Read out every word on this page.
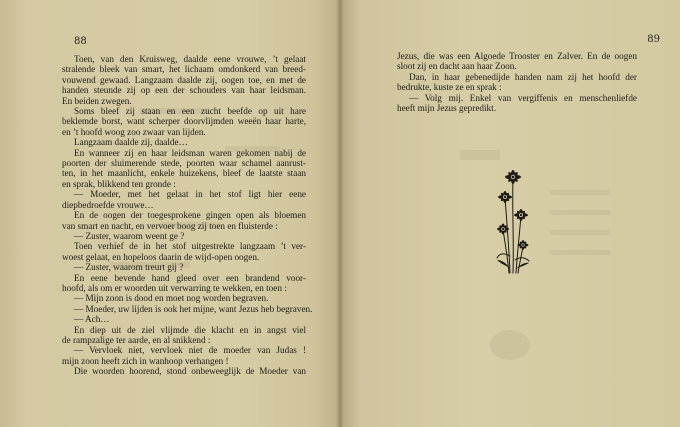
88	89
Toen, van den Kruisweg, daalde eene vrouwe, ’t gelaat
stralende bleek van smart, het lichaam omdonkerd van breed-
vouwend gewaad. Langzaam daalde zij, oogen toe, en met de
handen steunde zij op een der schouders van haar leidsman.
En beiden zwegen.
Soms bleef zij staan en een zucht beefde op uit hare
beklemde borst, want scherper doorvlijmden weeën haar harte,
en ’t hoofd woog zoo zwaar van lijden.
Langzaam daalde zij, daalde…
En wanneer zij en haar leidsman waren gekomen nabij de
poorten der sluimerende stede, poorten waar schamel aanrust-
ten, in het maanlicht, enkele huizekens, bleef de laatste staan
en sprak, blikkend ten gronde :
— Moeder, met het gelaat in het stof ligt hier eene
diepbedroefde vrouwe…
En de oogen der toegesprokene gingen open als bloemen
van smart en nacht, en vervoer boog zij toen en fluisterde :
— Zuster, waarom weent ge ?
Toen verhief de in het stof uitgestrekte langzaam ’t ver-
woest gelaat, en hopeloos daarin de wijd-open oogen.
— Zuster, waarom treurt gij ?
En eene bevende hand gleed over een brandend voor-
hoofd, als om er woorden uit verwarring te wekken, en toen :
— Mijn zoon is dood en moet nog worden begraven.
— Moeder, uw lijden is ook het mijne, want Jezus heb begraven.
— Ach…
En diep uit de ziel vlijmde die klacht en in angst viel
de rampzalige ter aarde, en al snikkend :
— Vervloek niet, vervloek niet de moeder van Judas !
mijn zoon heeft zich in wanhoop verhangen !
Die woorden hoorend, stond onbeweeglijk de Moeder van
Jezus, die was een Algoede Trooster en Zalver. En de oogen
sloot zij en dacht aan haar Zoon.
Dan, in haar gebenedijde handen nam zij het hoofd der
bedrukte, kuste ze en sprak :
— Volg mij. Enkel van vergiffenis en menschenliefde
heeft mijn Jezus gepredikt.
